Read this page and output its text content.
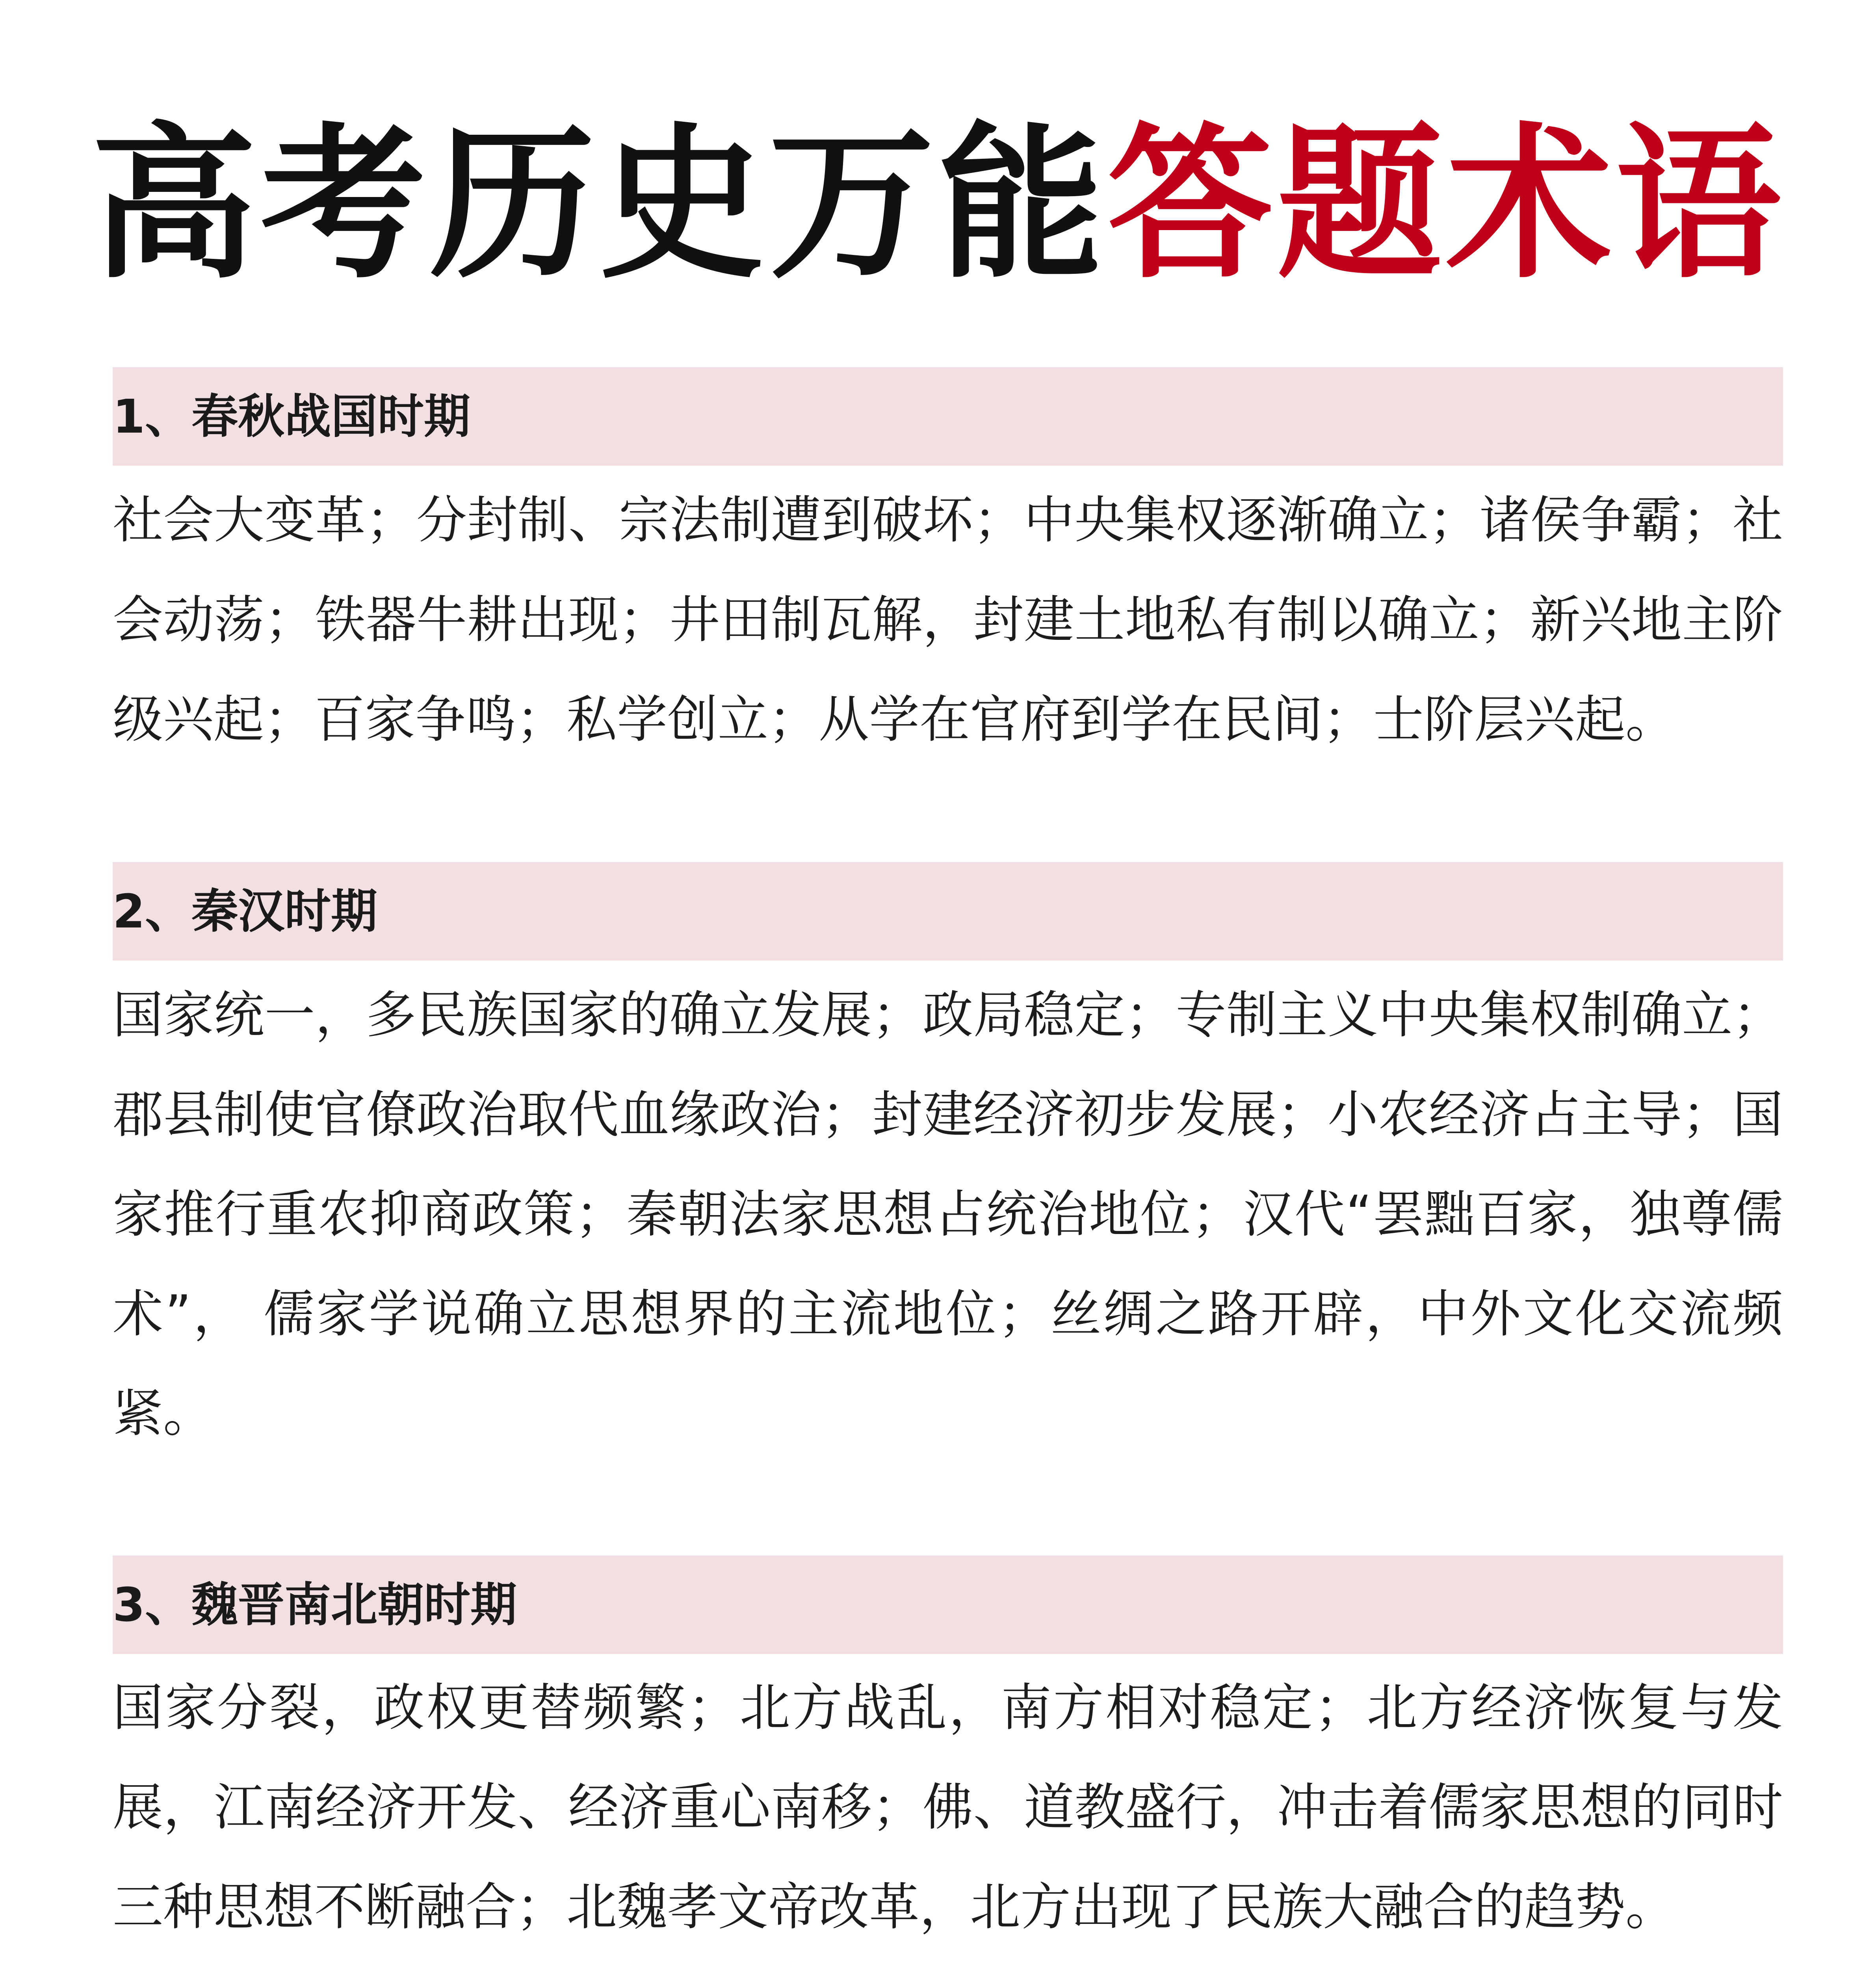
高考历史万能答题术语
1、春秋战国时期
社会大变革；分封制、宗法制遭到破坏；中央集权逐渐确立；诸侯争霸；社会动荡；铁器牛耕出现；井田制瓦解，封建土地私有制以确立；新兴地主阶级兴起；百家争鸣；私学创立；从学在官府到学在民间；士阶层兴起。
2、秦汉时期
国家统一，多民族国家的确立发展；政局稳定；专制主义中央集权制确立；郡县制使官僚政治取代血缘政治；封建经济初步发展；小农经济占主导；国家推行重农抑商政策；秦朝法家思想占统治地位；汉代“罢黜百家，独尊儒术”， 儒家学说确立思想界的主流地位；丝绸之路开辟，中外文化交流频紧。
3、魏晋南北朝时期
国家分裂，政权更替频繁；北方战乱，南方相对稳定；北方经济恢复与发展，江南经济开发、经济重心南移；佛、道教盛行，冲击着儒家思想的同时三种思想不断融合；北魏孝文帝改革，北方出现了民族大融合的趋势。
